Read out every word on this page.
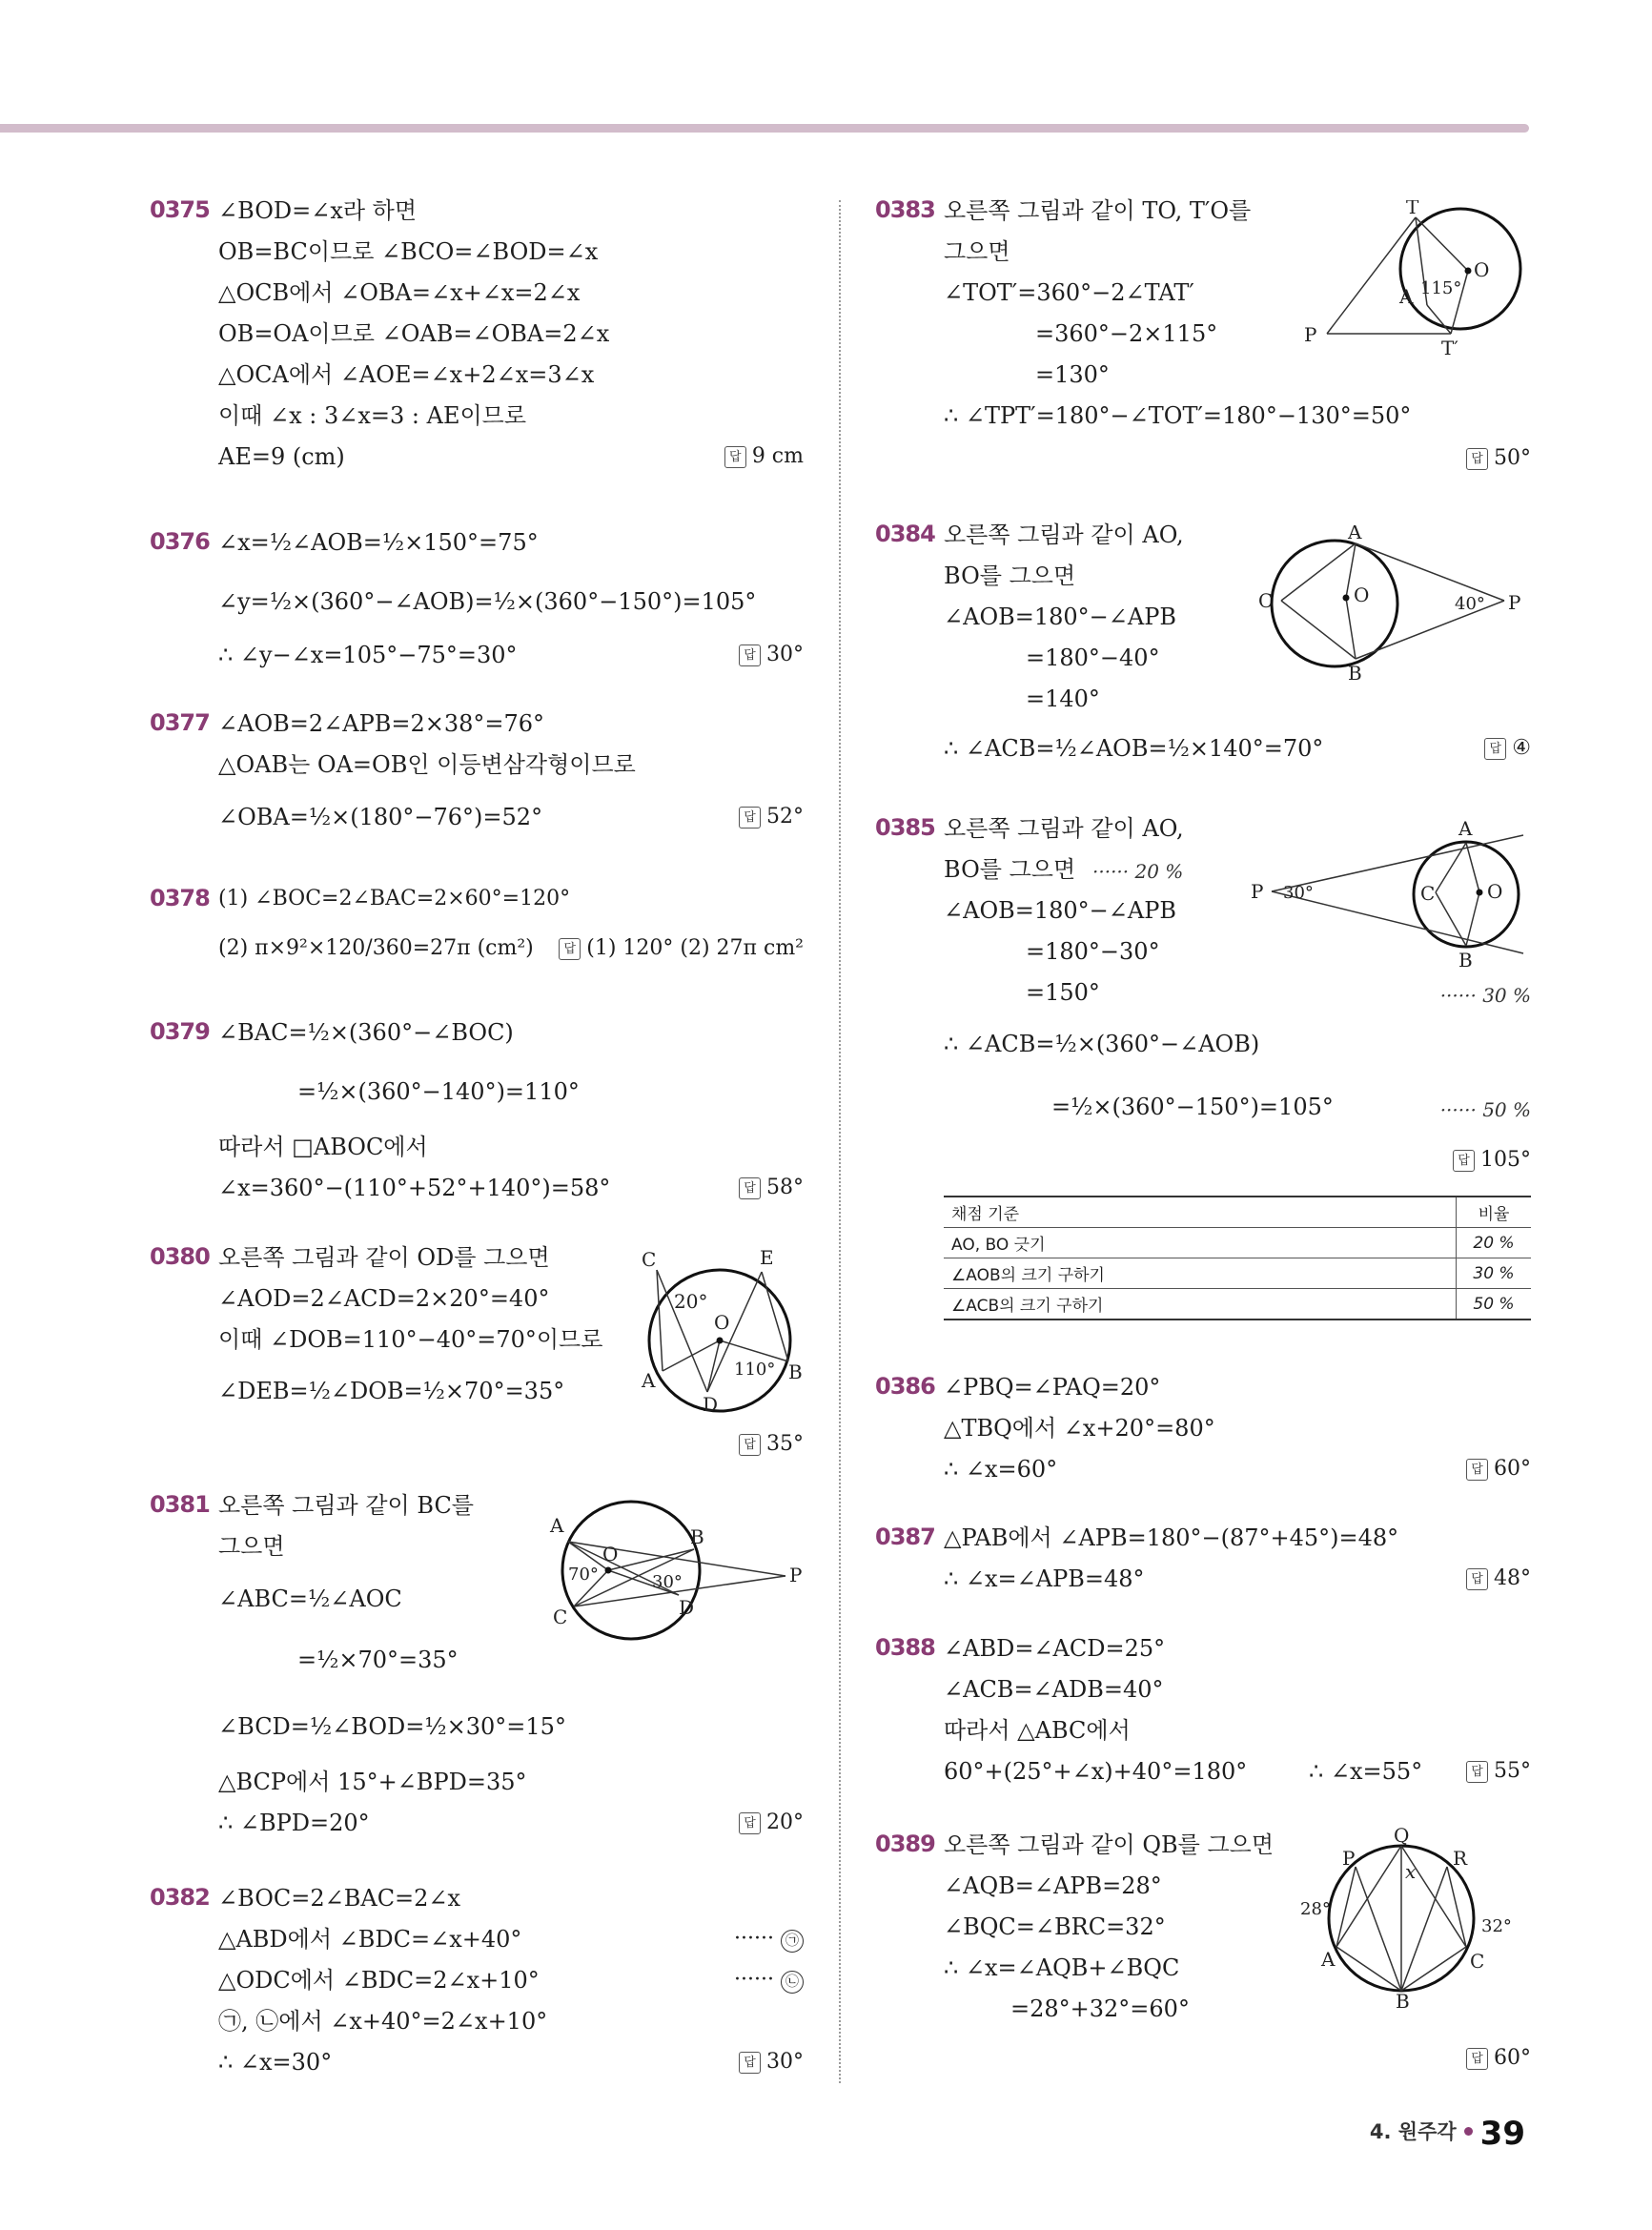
0375 ∠BOD=∠x라 하면
OB=BC이므로 ∠BCO=∠BOD=∠x
△OCB에서 ∠OBA=∠x+∠x=2∠x
OB=OA이므로 ∠OAB=∠OBA=2∠x
△OCA에서 ∠AOE=∠x+2∠x=3∠x
이때 ∠x : 3∠x=3 : AE이므로
AE=9 (cm)	답 9 cm
0376 ∠x=½∠AOB=½×150°=75°
∠y=½×(360°−∠AOB)=½×(360°−150°)=105°
∴ ∠y−∠x=105°−75°=30°	답 30°
0377 ∠AOB=2∠APB=2×38°=76°
△OAB는 OA=OB인 이등변삼각형이므로
∠OBA=½×(180°−76°)=52°	답 52°
0378 (1) ∠BOC=2∠BAC=2×60°=120°
(2) π×9²×120/360=27π (cm²)	답 (1) 120° (2) 27π cm²
0379 ∠BAC=½×(360°−∠BOC)
=½×(360°−140°)=110°
따라서 □ABOC에서
∠x=360°−(110°+52°+140°)=58°	답 58°
0380 오른쪽 그림과 같이 OD를 그으면
∠AOD=2∠ACD=2×20°=40°
이때 ∠DOB=110°−40°=70°이므로
∠DEB=½∠DOB=½×70°=35°
답 35°
C	E
20°
O
110° B
A
D
0381 오른쪽 그림과 같이 BC를
그으면
∠ABC=½∠AOC
=½×70°=35°
∠BCD=½∠BOD=½×30°=15°
△BCP에서 15°+∠BPD=35°
∴ ∠BPD=20°	답 20°
A
O
B
70°	30°	P
C	D
0382 ∠BOC=2∠BAC=2∠x
△ABD에서 ∠BDC=∠x+40°
△ODC에서 ∠BDC=2∠x+10°
㉠, ㉡에서 ∠x+40°=2∠x+10°
∴ ∠x=30°
······ ㉠
······ ㉡
답 30°
0383 오른쪽 그림과 같이 TO, T′O를
그으면
∠TOT′=360°−2∠TAT′
=360°−2×115°
=130°
∴ ∠TPT′=180°−∠TOT′=180°−130°=50°
답 50°
T
O
A 115°
P
T′
0384 오른쪽 그림과 같이 AO,
BO를 그으면
∠AOB=180°−∠APB
=180°−40°
=140°
∴ ∠ACB=½∠AOB=½×140°=70°	답 ④
A
C	O	40° P
B
0385 오른쪽 그림과 같이 AO,
BO를 그으면
∠AOB=180°−∠APB
=180°−30°
=150°
∴ ∠ACB=½×(360°−∠AOB)
=½×(360°−150°)=105°
······ 20 %
······ 30 %
······ 50 %
답 105°
A
P 30°	C	O
B
채점 기준	비율
AO, BO 긋기	20 %
∠AOB의 크기 구하기	30 %
∠ACB의 크기 구하기	50 %
0386 ∠PBQ=∠PAQ=20°
△TBQ에서 ∠x+20°=80°
∴ ∠x=60°	답 60°
0387 △PAB에서 ∠APB=180°−(87°+45°)=48°
∴ ∠x=∠APB=48°	답 48°
0388 ∠ABD=∠ACD=25°
∠ACB=∠ADB=40°
따라서 △ABC에서
60°+(25°+∠x)+40°=180°	∴ ∠x=55°	답 55°
0389 오른쪽 그림과 같이 QB를 그으면
∠AQB=∠APB=28°
∠BQC=∠BRC=32°
∴ ∠x=∠AQB+∠BQC
=28°+32°=60°
답 60°
Q
P	R
x
28°
32°
A	C
B
4. 원주각 39
